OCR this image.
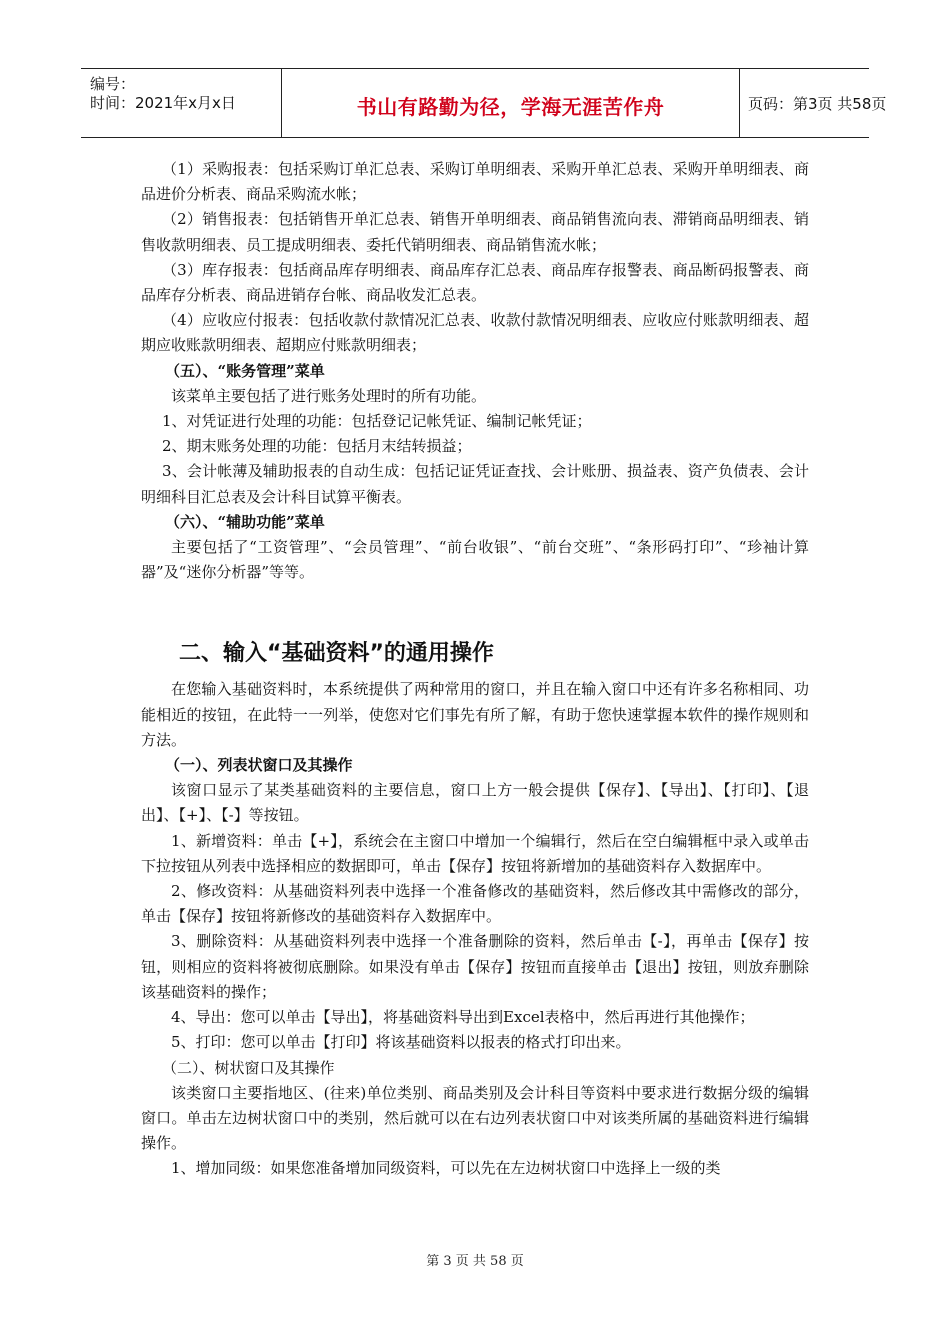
编号：
时间：2021年x月x日	书山有路勤为径，学海无涯苦作舟	页码：第3页 共58页

（1）采购报表：包括采购订单汇总表、采购订单明细表、采购开单汇总表、采购开单明细表、商品进价分析表、商品采购流水帐；

（2）销售报表：包括销售开单汇总表、销售开单明细表、商品销售流向表、滞销商品明细表、销售收款明细表、员工提成明细表、委托代销明细表、商品销售流水帐；

（3）库存报表：包括商品库存明细表、商品库存汇总表、商品库存报警表、商品断码报警表、商品库存分析表、商品进销存台帐、商品收发汇总表。

（4）应收应付报表：包括收款付款情况汇总表、收款付款情况明细表、应收应付账款明细表、超期应收账款明细表、超期应付账款明细表；

（五）、“账务管理”菜单

该菜单主要包括了进行账务处理时的所有功能。

1、对凭证进行处理的功能：包括登记记帐凭证、编制记帐凭证；

2、期末账务处理的功能：包括月末结转损益；

3、会计帐薄及辅助报表的自动生成：包括记证凭证查找、会计账册、损益表、资产负债表、会计明细科目汇总表及会计科目试算平衡表。

（六）、“辅助功能”菜单

主要包括了“工资管理”、“会员管理”、“前台收银”、“前台交班”、“条形码打印”、“珍袖计算器”及“迷你分析器”等等。

二、输入“基础资料”的通用操作

在您输入基础资料时，本系统提供了两种常用的窗口，并且在输入窗口中还有许多名称相同、功能相近的按钮，在此特一一列举，使您对它们事先有所了解，有助于您快速掌握本软件的操作规则和方法。

（一）、列表状窗口及其操作

该窗口显示了某类基础资料的主要信息，窗口上方一般会提供【保存】、【导出】、【打印】、【退出】、【+】、【-】等按钮。

1、新增资料：单击【+】，系统会在主窗口中增加一个编辑行，然后在空白编辑框中录入或单击下拉按钮从列表中选择相应的数据即可，单击【保存】按钮将新增加的基础资料存入数据库中。

2、修改资料：从基础资料列表中选择一个准备修改的基础资料，然后修改其中需修改的部分，单击【保存】按钮将新修改的基础资料存入数据库中。

3、删除资料：从基础资料列表中选择一个准备删除的资料，然后单击【-】，再单击【保存】按钮，则相应的资料将被彻底删除。如果没有单击【保存】按钮而直接单击【退出】按钮，则放弃删除该基础资料的操作；

4、导出：您可以单击【导出】，将基础资料导出到Excel表格中，然后再进行其他操作；

5、打印：您可以单击【打印】将该基础资料以报表的格式打印出来。

（二）、树状窗口及其操作

该类窗口主要指地区、(往来)单位类别、商品类别及会计科目等资料中要求进行数据分级的编辑窗口。单击左边树状窗口中的类别，然后就可以在右边列表状窗口中对该类所属的基础资料进行编辑操作。

1、增加同级：如果您准备增加同级资料，可以先在左边树状窗口中选择上一级的类

第 3 页 共 58 页
